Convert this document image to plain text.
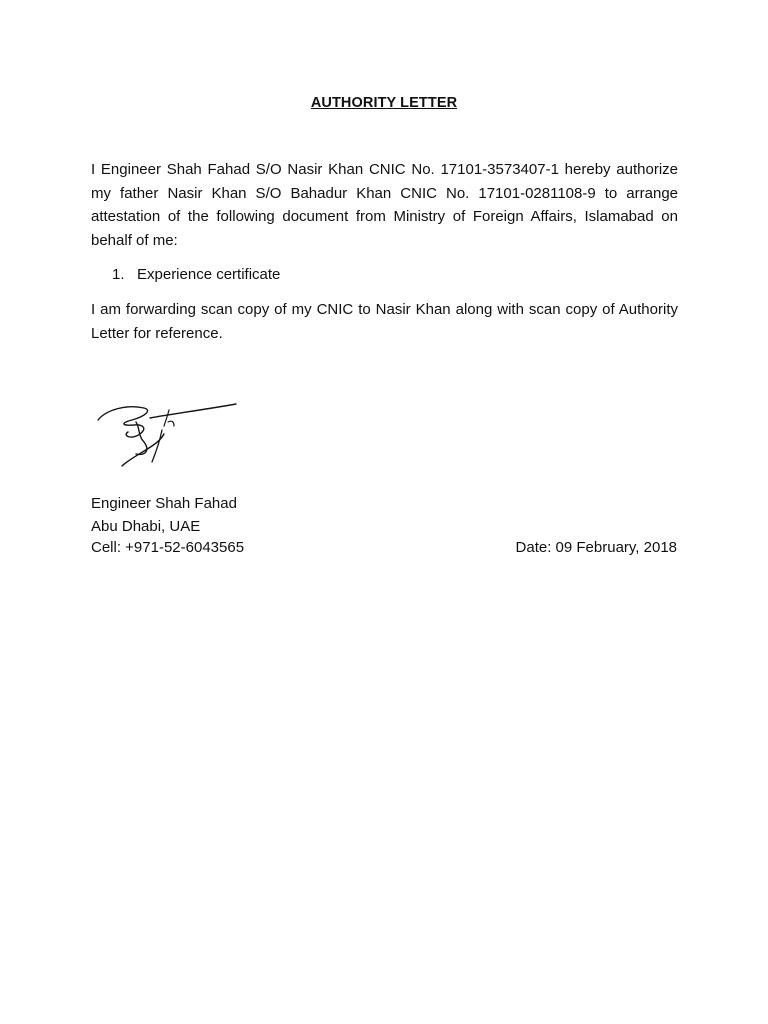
AUTHORITY LETTER
I Engineer Shah Fahad S/O Nasir Khan CNIC No. 17101-3573407-1 hereby authorize my father Nasir Khan S/O Bahadur Khan CNIC No. 17101-0281108-9 to arrange attestation of the following document from Ministry of Foreign Affairs, Islamabad on behalf of me:
1. Experience certificate
I am forwarding scan copy of my CNIC to Nasir Khan along with scan copy of Authority Letter for reference.
Engineer Shah Fahad
Abu Dhabi, UAE
Cell: +971-52-6043565	Date: 09 February, 2018
